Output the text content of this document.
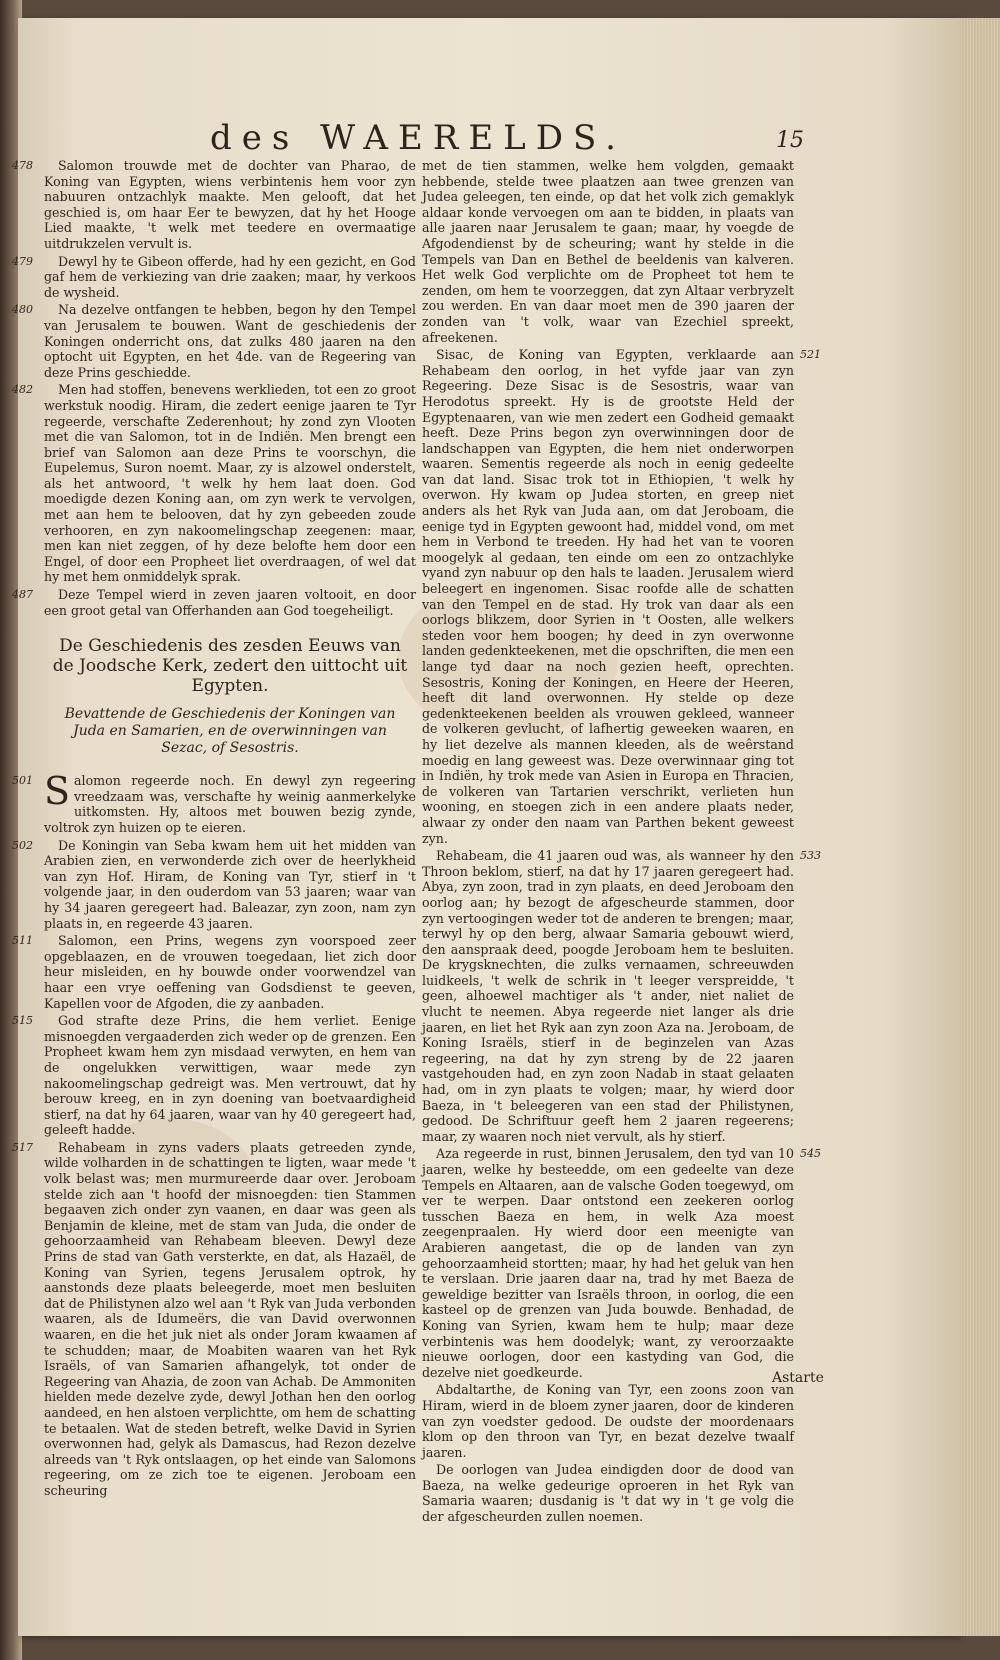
des WAERELDS.	15

478	Salomon trouwde met de dochter van Pharao, de Koning van Egypten, wiens verbintenis hem voor zyn nabuuren ontzachlyk maakte. Men gelooft, dat het geschied is, om haar Eer te bewyzen, dat hy het Hooge Lied maakte, 't welk met teedere en overmaatige uitdrukzelen vervult is.

479	Dewyl hy te Gibeon offerde, had hy een gezicht, en God gaf hem de verkiezing van drie zaaken; maar, hy verkoos de wysheid.

480	Na dezelve ontfangen te hebben, begon hy den Tempel van Jerusalem te bouwen. Want de geschiedenis der Koningen onderricht ons, dat zulks 480 jaaren na den optocht uit Egypten, en het 4de. van de Regeering van deze Prins geschiedde.

482	Men had stoffen, benevens werklieden, tot een zo groot werkstuk noodig. Hiram, die zedert eenige jaaren te Tyr regeerde, verschafte Zederenhout; hy zond zyn Vlooten met die van Salomon, tot in de Indiën. Men brengt een brief van Salomon aan deze Prins te voorschyn, die Eupelemus, Suron noemt. Maar, zy is alzowel onderstelt, als het antwoord, 't welk hy hem laat doen. God moedigde dezen Koning aan, om zyn werk te vervolgen, met aan hem te belooven, dat hy zyn gebeeden zoude verhooren, en zyn nakoomelingschap zeegenen: maar, men kan niet zeggen, of hy deze belofte hem door een Engel, of door een Propheet liet overdraagen, of wel dat hy met hem onmiddelyk sprak.

487	Deze Tempel wierd in zeven jaaren voltooit, en door een groot getal van Offerhanden aan God toegeheiligt.

De Geschiedenis des zesden Eeuws van de Joodsche Kerk, zedert den uittocht uit Egypten.

Bevattende de Geschiedenis der Koningen van Juda en Samarien, en de overwinningen van Sezac, of Sesostris.

501 S alomon regeerde noch. En dewyl zyn regeering vreedzaam was, verschafte hy weinig aanmerkelyke uitkomsten. Hy, altoos met bouwen bezig zynde, voltrok zyn huizen op te eieren.

502	De Koningin van Seba kwam hem uit het midden van Arabien zien, en verwonderde zich over de heerlykheid van zyn Hof. Hiram, de Koning van Tyr, stierf in 't volgende jaar, in den ouderdom van 53 jaaren; waar van hy 34 jaaren geregeert had. Baleazar, zyn zoon, nam zyn plaats in, en regeerde 43 jaaren.

511	Salomon, een Prins, wegens zyn voorspoed zeer opgeblaazen, en de vrouwen toegedaan, liet zich door heur misleiden, en hy bouwde onder voorwendzel van haar een vrye oeffening van Godsdienst te geeven, Kapellen voor de Afgoden, die zy aanbaden.

515	God strafte deze Prins, die hem verliet. Eenige misnoegden vergaaderden zich weder op de grenzen. Een Propheet kwam hem zyn misdaad verwyten, en hem van de ongelukken verwittigen, waar mede zyn nakoomelingschap gedreigt was. Men vertrouwt, dat hy berouw kreeg, en in zyn doening van boetvaardigheid stierf, na dat hy 64 jaaren, waar van hy 40 geregeert had, geleeft hadde.

517	Rehabeam in zyns vaders plaats getreeden zynde, wilde volharden in de schattingen te ligten, waar mede 't volk belast was; men murmureerde daar over. Jeroboam stelde zich aan 't hoofd der misnoegden: tien Stammen begaaven zich onder zyn vaanen, en daar was geen als Benjamin de kleine, met de stam van Juda, die onder de gehoorzaamheid van Rehabeam bleeven. Dewyl deze Prins de stad van Gath versterkte, en dat, als Hazaël, de Koning van Syrien, tegens Jerusalem optrok, hy aanstonds deze plaats beleegerde, moet men besluiten dat de Philistynen alzo wel aan 't Ryk van Juda verbonden waaren, als de Idumeërs, die van David overwonnen waaren, en die het juk niet als onder Joram kwaamen af te schudden; maar, de Moabiten waaren van het Ryk Israëls, of van Samarien afhangelyk, tot onder de Regeering van Ahazia, de zoon van Achab. De Ammoniten hielden mede dezelve zyde, dewyl Jothan hen den oorlog aandeed, en hen alstoen verplichtte, om hem de schatting te betaalen. Wat de steden betreft, welke David in Syrien overwonnen had, gelyk als Damascus, had Rezon dezelve alreeds van 't Ryk ontslaagen, op het einde van Salomons regeering, om ze zich toe te eigenen. Jeroboam een scheuring

met de tien stammen, welke hem volgden, gemaakt hebbende, stelde twee plaatzen aan twee grenzen van Judea geleegen, ten einde, op dat het volk zich gemaklyk aldaar konde vervoegen om aan te bidden, in plaats van alle jaaren naar Jerusalem te gaan; maar, hy voegde de Afgodendienst by de scheuring; want hy stelde in die Tempels van Dan en Bethel de beeldenis van kalveren. Het welk God verplichte om de Propheet tot hem te zenden, om hem te voorzeggen, dat zyn Altaar verbryzelt zou werden. En van daar moet men de 390 jaaren der zonden van 't volk, waar van Ezechiel spreekt, afreekenen.

521
Sisac, de Koning van Egypten, verklaarde aan Rehabeam den oorlog, in het vyfde jaar van zyn Regeering. Deze Sisac is de Sesostris, waar van Herodotus spreekt. Hy is de grootste Held der Egyptenaaren, van wie men zedert een Godheid gemaakt heeft. Deze Prins begon zyn overwinningen door de landschappen van Egypten, die hem niet onderworpen waaren. Sementis regeerde als noch in eenig gedeelte van dat land. Sisac trok tot in Ethiopien, 't welk hy overwon. Hy kwam op Judea storten, en greep niet anders als het Ryk van Juda aan, om dat Jeroboam, die eenige tyd in Egypten gewoont had, middel vond, om met hem in Verbond te treeden. Hy had het van te vooren moogelyk al gedaan, ten einde om een zo ontzachlyke vyand zyn nabuur op den hals te laaden. Jerusalem wierd beleegert en ingenomen. Sisac roofde alle de schatten van den Tempel en de stad. Hy trok van daar als een oorlogs blikzem, door Syrien in 't Oosten, alle welkers steden voor hem boogen; hy deed in zyn overwonne landen gedenkteekenen, met die opschriften, die men een lange tyd daar na noch gezien heeft, oprechten. Sesostris, Koning der Koningen, en Heere der Heeren, heeft dit land overwonnen. Hy stelde op deze gedenkteekenen beelden als vrouwen gekleed, wanneer de volkeren gevlucht, of lafhertig geweeken waaren, en hy liet dezelve als mannen kleeden, als de weêrstand moedig en lang geweest was. Deze overwinnaar ging tot in Indiën, hy trok mede van Asien in Europa en Thracien, de volkeren van Tartarien verschrikt, verlieten hun wooning, en stoegen zich in een andere plaats neder, alwaar zy onder den naam van Parthen bekent geweest zyn.

533
Rehabeam, die 41 jaaren oud was, als wanneer hy den Throon beklom, stierf, na dat hy 17 jaaren geregeert had. Abya, zyn zoon, trad in zyn plaats, en deed Jeroboam den oorlog aan; hy bezogt de afgescheurde stammen, door zyn vertoogingen weder tot de anderen te brengen; maar, terwyl hy op den berg, alwaar Samaria gebouwt wierd, den aanspraak deed, poogde Jeroboam hem te besluiten. De krygsknechten, die zulks vernaamen, schreeuwden luidkeels, 't welk de schrik in 't leeger verspreidde, 't geen, alhoewel machtiger als 't ander, niet naliet de vlucht te neemen. Abya regeerde niet langer als drie jaaren, en liet het Ryk aan zyn zoon Aza na. Jeroboam, de Koning Israëls, stierf in de beginzelen van Azas regeering, na dat hy zyn streng by de 22 jaaren vastgehouden had, en zyn zoon Nadab in staat gelaaten had, om in zyn plaats te volgen; maar, hy wierd door Baeza, in 't beleegeren van een stad der Philistynen, gedood. De Schriftuur geeft hem 2 jaaren regeerens; maar, zy waaren noch niet vervult, als hy stierf.

545
Aza regeerde in rust, binnen Jerusalem, den tyd van 10 jaaren, welke hy besteedde, om een gedeelte van deze Tempels en Altaaren, aan de valsche Goden toegewyd, om ver te werpen. Daar ontstond een zeekeren oorlog tusschen Baeza en hem, in welk Aza moest zeegenpraalen. Hy wierd door een meenigte van Arabieren aangetast, die op de landen van zyn gehoorzaamheid stortten; maar, hy had het geluk van hen te verslaan. Drie jaaren daar na, trad hy met Baeza de geweldige bezitter van Israëls throon, in oorlog, die een kasteel op de grenzen van Juda bouwde. Benhadad, de Koning van Syrien, kwam hem te hulp; maar deze verbintenis was hem doodelyk; want, zy veroorzaakte nieuwe oorlogen, door een kastyding van God, die dezelve niet goedkeurde.

Abdaltarthe, de Koning van Tyr, een zoons zoon van Hiram, wierd in de bloem zyner jaaren, door de kinderen van zyn voedster gedood. De oudste der moordenaars klom op den throon van Tyr, en bezat dezelve twaalf jaaren.

De oorlogen van Judea eindigden door de dood van Baeza, na welke gedeurige oproeren in het Ryk van Samaria waaren; dusdanig is 't dat wy in 't ge volg die der afgescheurden zullen noemen.

Astarte
